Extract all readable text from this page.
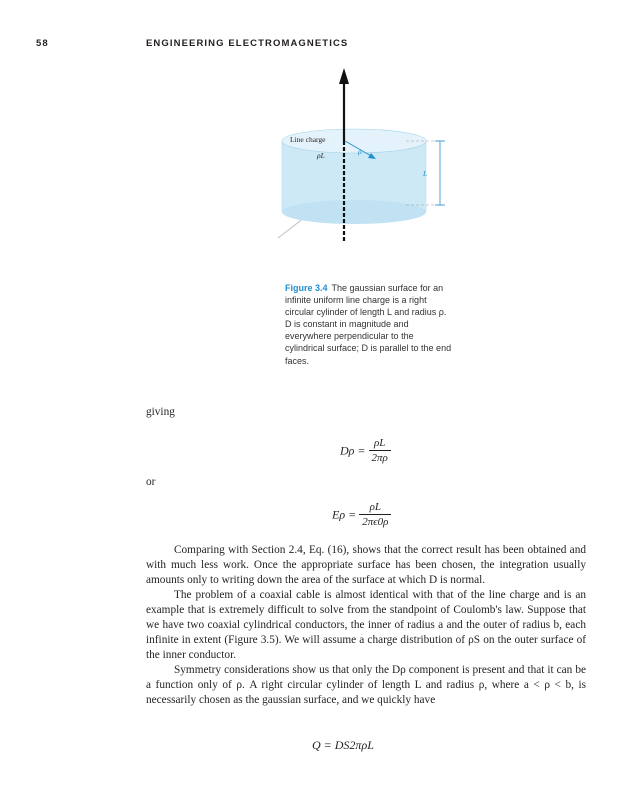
58	ENGINEERING ELECTROMAGNETICS
Line charge
ρL	ρ
L
Figure 3.4 The gaussian surface for an infinite uniform line charge is a right circular cylinder of length L and radius ρ. D is constant in magnitude and everywhere perpendicular to the cylindrical surface; D is parallel to the end faces.
giving
$D\rho = \frac{\rho L}{2\pi\rho}$
or
$E\rho = \frac{\rho L}{2\pi\epsilon 0\rho}$

Comparing with Section 2.4, Eq. (16), shows that the correct result has been obtained and with much less work. Once the appropriate surface has been chosen, the integration usually amounts only to writing down the area of the surface at which D is normal.

The problem of a coaxial cable is almost identical with that of the line charge and is an example that is extremely difficult to solve from the standpoint of Coulomb's law. Suppose that we have two coaxial cylindrical conductors, the inner of radius a and the outer of radius b, each infinite in extent (Figure 3.5). We will assume a charge distribution of ρS on the outer surface of the inner conductor.

Symmetry considerations show us that only the Dρ component is present and that it can be a function only of ρ. A right circular cylinder of length L and radius ρ, where a < ρ < b, is necessarily chosen as the gaussian surface, and we quickly have

Q = DS2πρL
